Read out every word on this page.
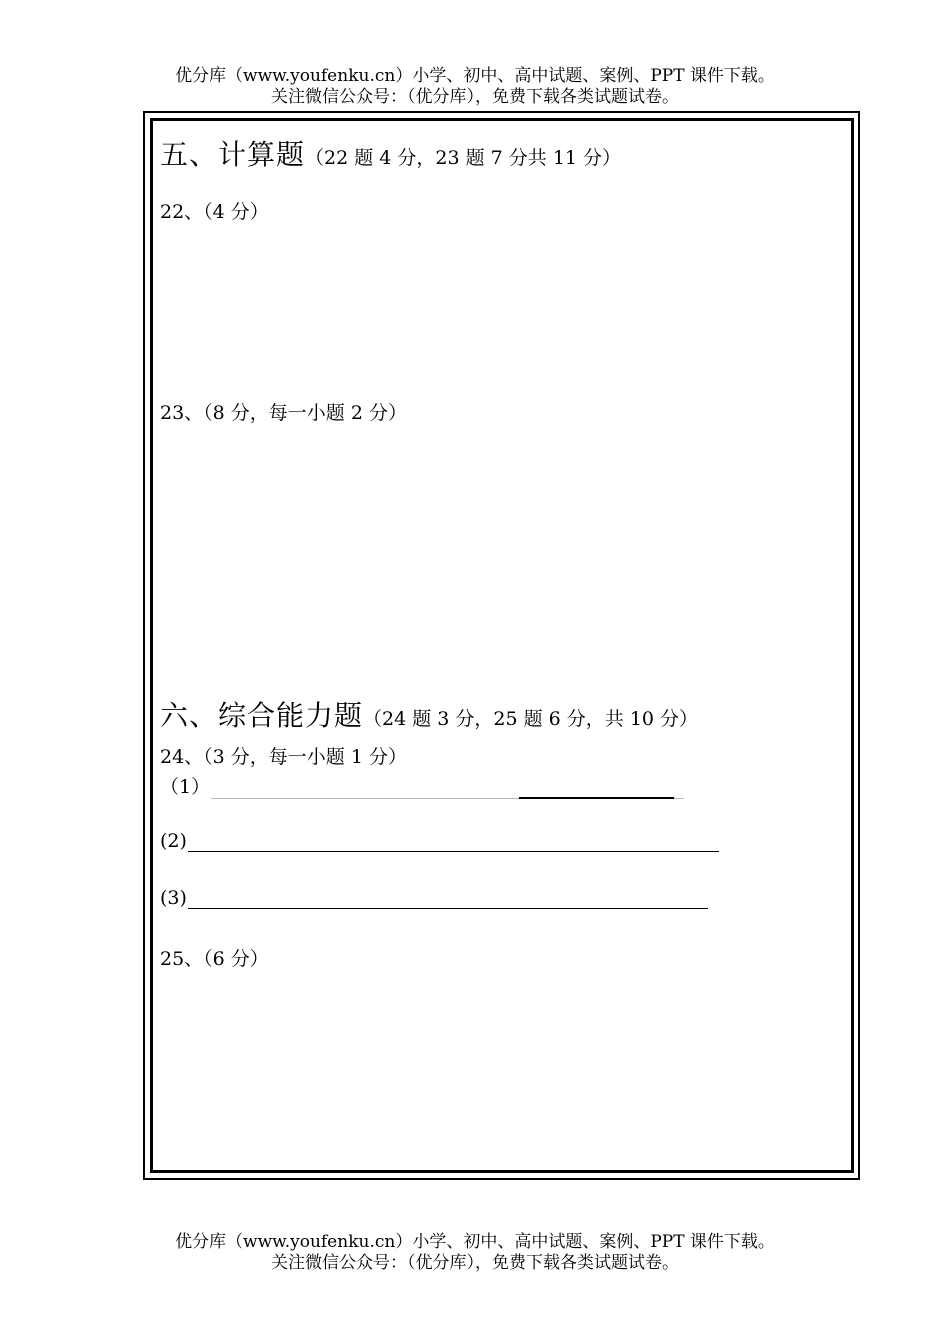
优分库（www.youfenku.cn）小学、初中、高中试题、案例、PPT 课件下载。
关注微信公众号：（优分库），免费下载各类试题试卷。
五、计算题（22 题 4 分，23 题 7 分共 11 分）
22、（4 分）
23、（8 分，每一小题 2 分）
六、综合能力题（24 题 3 分，25 题 6 分，共 10 分）
24、（3 分，每一小题 1 分）
（1）
(2)
(3)
25、（6 分）
优分库（www.youfenku.cn）小学、初中、高中试题、案例、PPT 课件下载。
关注微信公众号：（优分库），免费下载各类试题试卷。
